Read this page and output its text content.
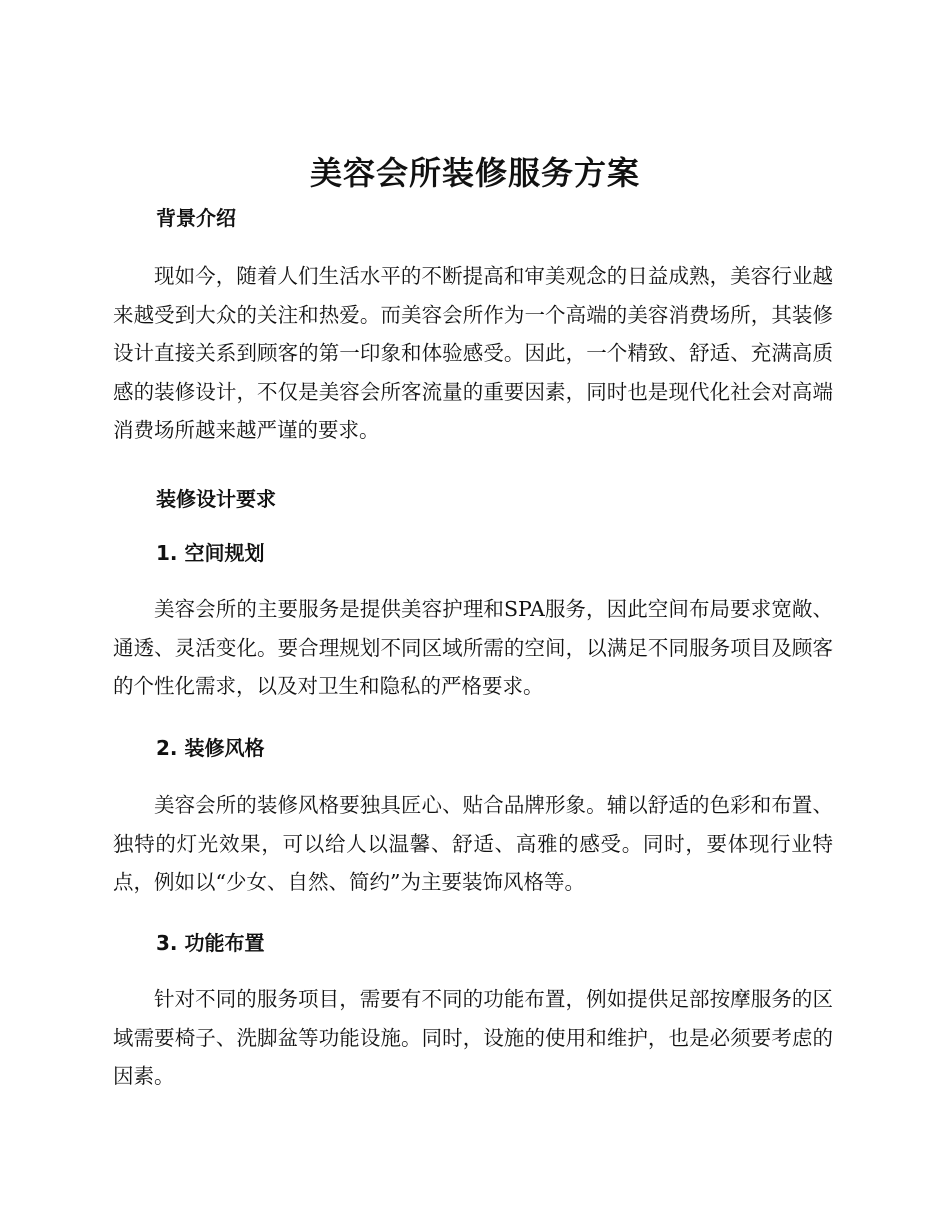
美容会所装修服务方案
背景介绍

现如今，随着人们生活水平的不断提高和审美观念的日益成熟，美容行业越来越受到大众的关注和热爱。而美容会所作为一个高端的美容消费场所，其装修设计直接关系到顾客的第一印象和体验感受。因此，一个精致、舒适、充满高质感的装修设计，不仅是美容会所客流量的重要因素，同时也是现代化社会对高端消费场所越来越严谨的要求。

装修设计要求
1. 空间规划

美容会所的主要服务是提供美容护理和SPA服务，因此空间布局要求宽敞、通透、灵活变化。要合理规划不同区域所需的空间，以满足不同服务项目及顾客的个性化需求，以及对卫生和隐私的严格要求。

2. 装修风格

美容会所的装修风格要独具匠心、贴合品牌形象。辅以舒适的色彩和布置、独特的灯光效果，可以给人以温馨、舒适、高雅的感受。同时，要体现行业特点，例如以“少女、自然、简约”为主要装饰风格等。

3. 功能布置

针对不同的服务项目，需要有不同的功能布置，例如提供足部按摩服务的区域需要椅子、洗脚盆等功能设施。同时，设施的使用和维护，也是必须要考虑的因素。
